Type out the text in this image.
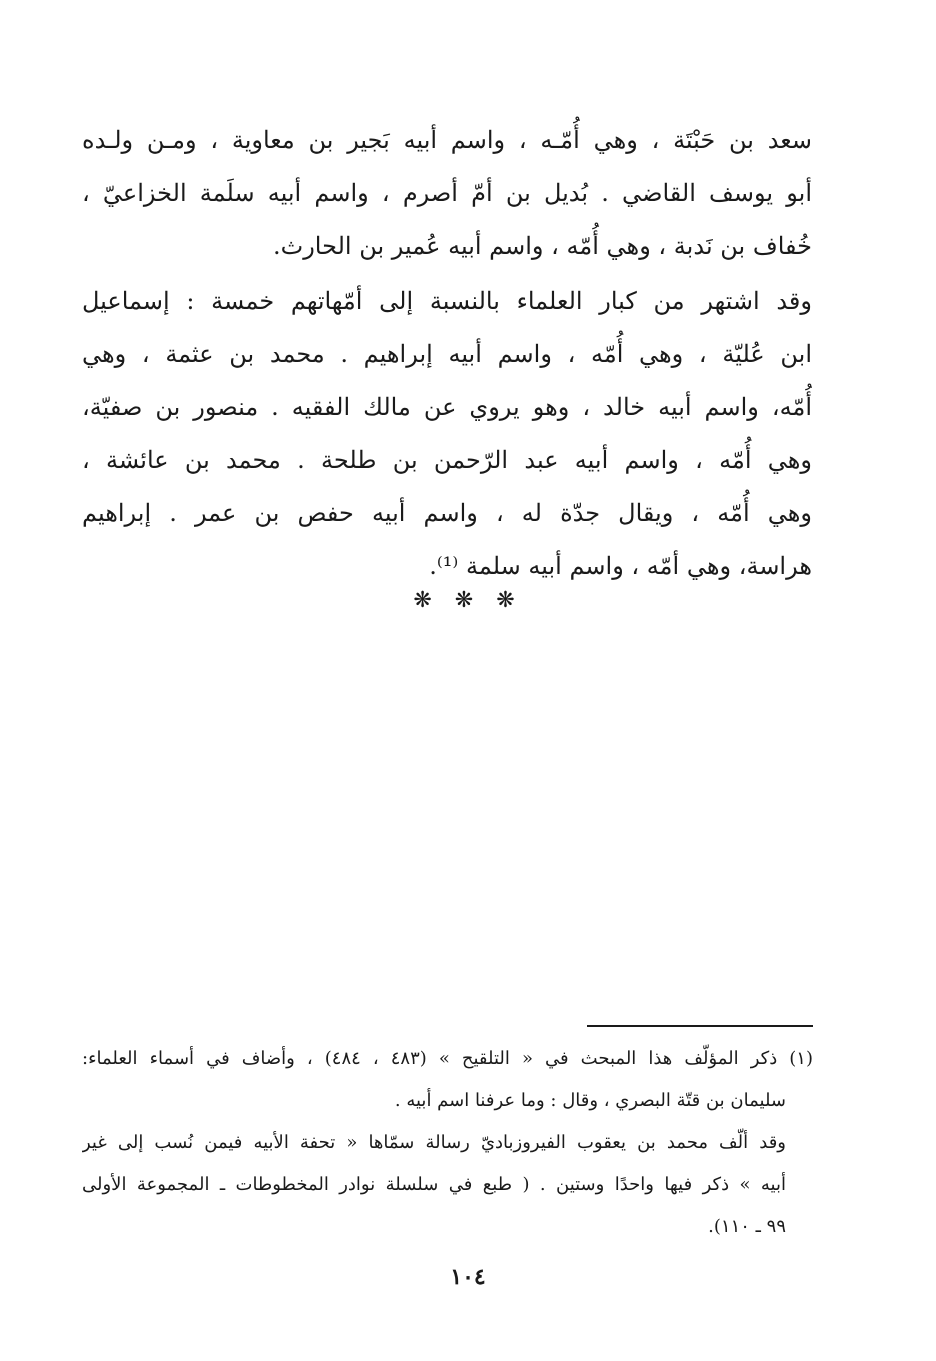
سعد بن حَبْتَة ، وهي أُمّـه ، واسم أبيه بَجير بن معاوية ، ومـن ولـده
أبو يوسف القاضي . بُديل بن أمّ أصرم ، واسم أبيه سلَمة الخزاعيّ ،
خُفاف بن نَدبة ، وهي أُمّه ، واسم أبيه عُمير بن الحارث.
وقد اشتهر من كبار العلماء بالنسبة إلى أمّهاتهم خمسة : إسماعيل
ابن عُليّة ، وهي أُمّه ، واسم أبيه إبراهيم . محمد بن عثمة ، وهي
أُمّه، واسم أبيه خالد ، وهو يروي عن مالك الفقيه . منصور بن صفيّة،
وهي أُمّه ، واسم أبيه عبد الرّحمن بن طلحة . محمد بن عائشة ،
وهي أُمّه ، ويقال جدّة له ، واسم أبيه حفص بن عمر . إبراهيم
هراسة، وهي أمّه ، واسم أبيه سلمة ⁽¹⁾.
❋ ❋ ❋
(١) ذكر المؤلّف هذا المبحث في « التلقيح » (٤٨٣ ، ٤٨٤) ، وأضاف في أسماء العلماء:
سليمان بن قتّة البصري ، وقال : وما عرفنا اسم أبيه .
وقد ألّف محمد بن يعقوب الفيروزباديّ رسالة سمّاها « تحفة الأبيه فيمن نُسب إلى غير
أبيه » ذكر فيها واحدًا وستين . ( طبع في سلسلة نوادر المخطوطات ـ المجموعة الأولى
٩٩ ـ ١١٠).
١٠٤
